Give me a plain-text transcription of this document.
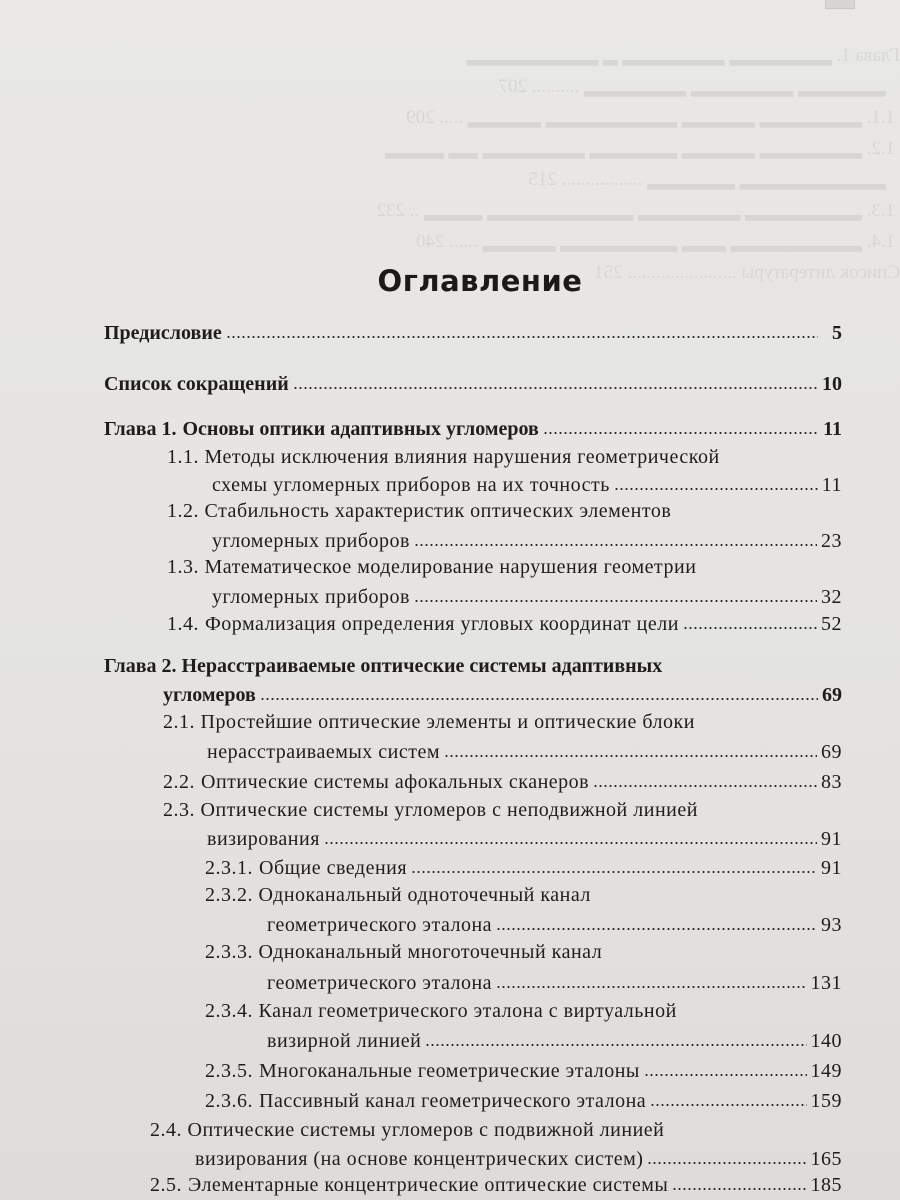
Глава 1. ▂▂▂▂▂▂▂ ▂▂▂▂▂▂▂ ▂ ▂▂▂▂▂▂▂▂▂
▂▂▂▂▂▂ ▂▂▂▂▂▂▂ ▂▂▂▂▂▂▂ .......... 207
1.1. ▂▂▂▂▂▂▂ ▂▂▂▂▂ ▂▂▂▂▂▂▂▂▂ ▂▂▂▂▂ ..... 209
1.2. ▂▂▂▂▂▂▂ ▂▂▂▂▂ ▂▂▂▂▂▂ ▂▂▂▂▂▂▂ ▂▂ ▂▂▂▂
▂▂▂▂▂▂▂▂▂▂ ▂▂▂▂▂▂ ................. 215
1.3. ▂▂▂▂▂▂▂▂ ▂▂▂▂▂▂▂ ▂▂▂▂▂▂▂▂▂▂ ▂▂▂▂ .. 232
1.4. ▂▂▂▂▂▂▂▂▂ ▂▂▂ ▂▂▂▂▂▂▂▂ ▂▂▂▂▂ ...... 240
Список литературы ....................... 251
Оглавление
Предисловие	5
Список сокращений	10
Глава 1. Основы оптики адаптивных угломеров	11
1.1. Методы исключения влияния нарушения геометрической
схемы угломерных приборов на их точность	11
1.2. Стабильность характеристик оптических элементов
угломерных приборов	23
1.3. Математическое моделирование нарушения геометрии
угломерных приборов	32
1.4. Формализация определения угловых координат цели	52
Глава 2. Нерасстраиваемые оптические системы адаптивных
угломеров	69
2.1. Простейшие оптические элементы и оптические блоки
нерасстраиваемых систем	69
2.2. Оптические системы афокальных сканеров	83
2.3. Оптические системы угломеров с неподвижной линией
визирования	91
2.3.1. Общие сведения	91
2.3.2. Одноканальный одноточечный канал
геометрического эталона	93
2.3.3. Одноканальный многоточечный канал
геометрического эталона	131
2.3.4. Канал геометрического эталона с виртуальной
визирной линией	140
2.3.5. Многоканальные геометрические эталоны	149
2.3.6. Пассивный канал геометрического эталона	159
2.4. Оптические системы угломеров с подвижной линией
визирования (на основе концентрических систем)	165
2.5. Элементарные концентрические оптические системы	185
